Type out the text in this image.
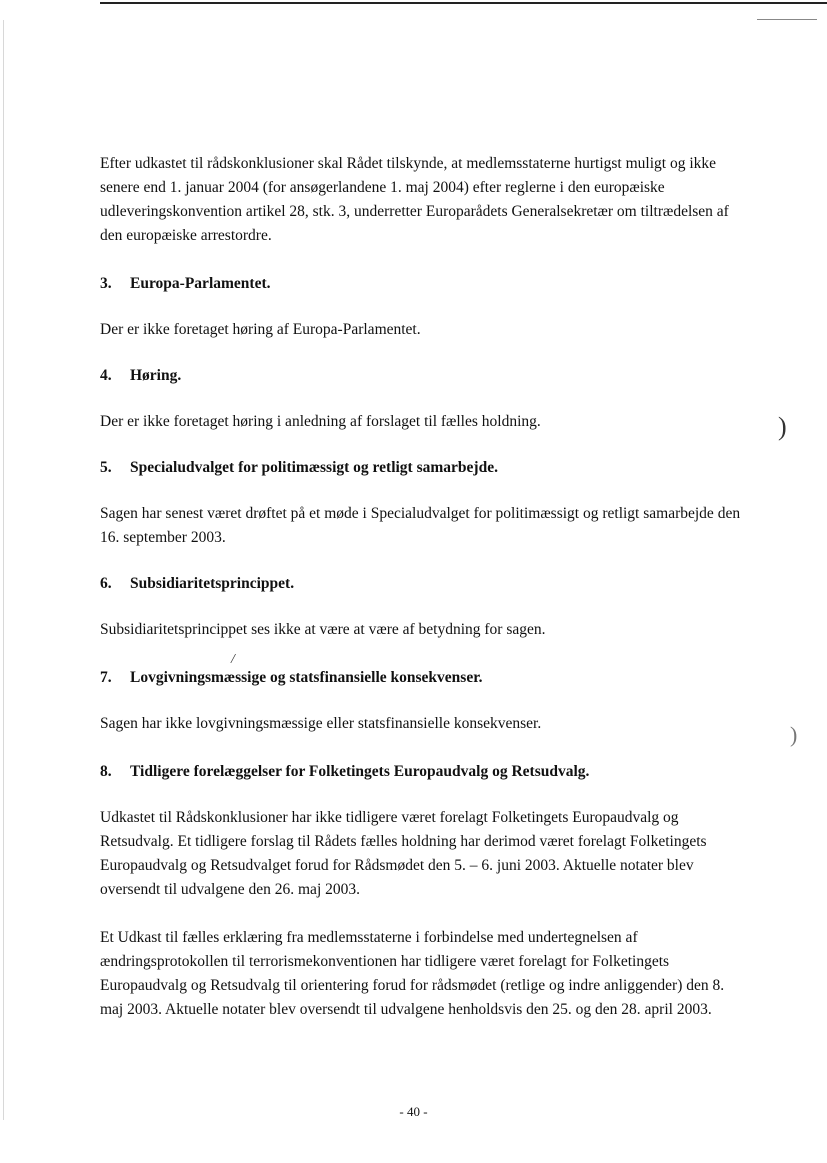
)
)
/

Efter udkastet til rådskonklusioner skal Rådet tilskynde, at medlemsstaterne hurtigst muligt og ikke senere end 1. januar 2004 (for ansøgerlandene 1. maj 2004) efter reglerne i den europæiske udleveringskonvention artikel 28, stk. 3, underretter Europarådets Generalsekretær om tiltrædelsen af den europæiske arrestordre.

3. Europa-Parlamentet.

Der er ikke foretaget høring af Europa-Parlamentet.

4. Høring.

Der er ikke foretaget høring i anledning af forslaget til fælles holdning.

5. Specialudvalget for politimæssigt og retligt samarbejde.

Sagen har senest været drøftet på et møde i Specialudvalget for politimæssigt og retligt samarbejde den 16. september 2003.

6. Subsidiaritetsprincippet.

Subsidiaritetsprincippet ses ikke at være at være af betydning for sagen.

7. Lovgivningsmæssige og statsfinansielle konsekvenser.

Sagen har ikke lovgivningsmæssige eller statsfinansielle konsekvenser.

8. Tidligere forelæggelser for Folketingets Europaudvalg og Retsudvalg.

Udkastet til Rådskonklusioner har ikke tidligere været forelagt Folketingets Europaudvalg og Retsudvalg. Et tidligere forslag til Rådets fælles holdning har derimod været forelagt Folketingets Europaudvalg og Retsudvalget forud for Rådsmødet den 5. – 6. juni 2003. Aktuelle notater blev oversendt til udvalgene den 26. maj 2003.

Et Udkast til fælles erklæring fra medlemsstaterne i forbindelse med undertegnelsen af ændringsprotokollen til terrorismekonventionen har tidligere været forelagt for Folketingets Europaudvalg og Retsudvalg til orientering forud for rådsmødet (retlige og indre anliggender) den 8. maj 2003. Aktuelle notater blev oversendt til udvalgene henholdsvis den 25. og den 28. april 2003.

- 40 -
